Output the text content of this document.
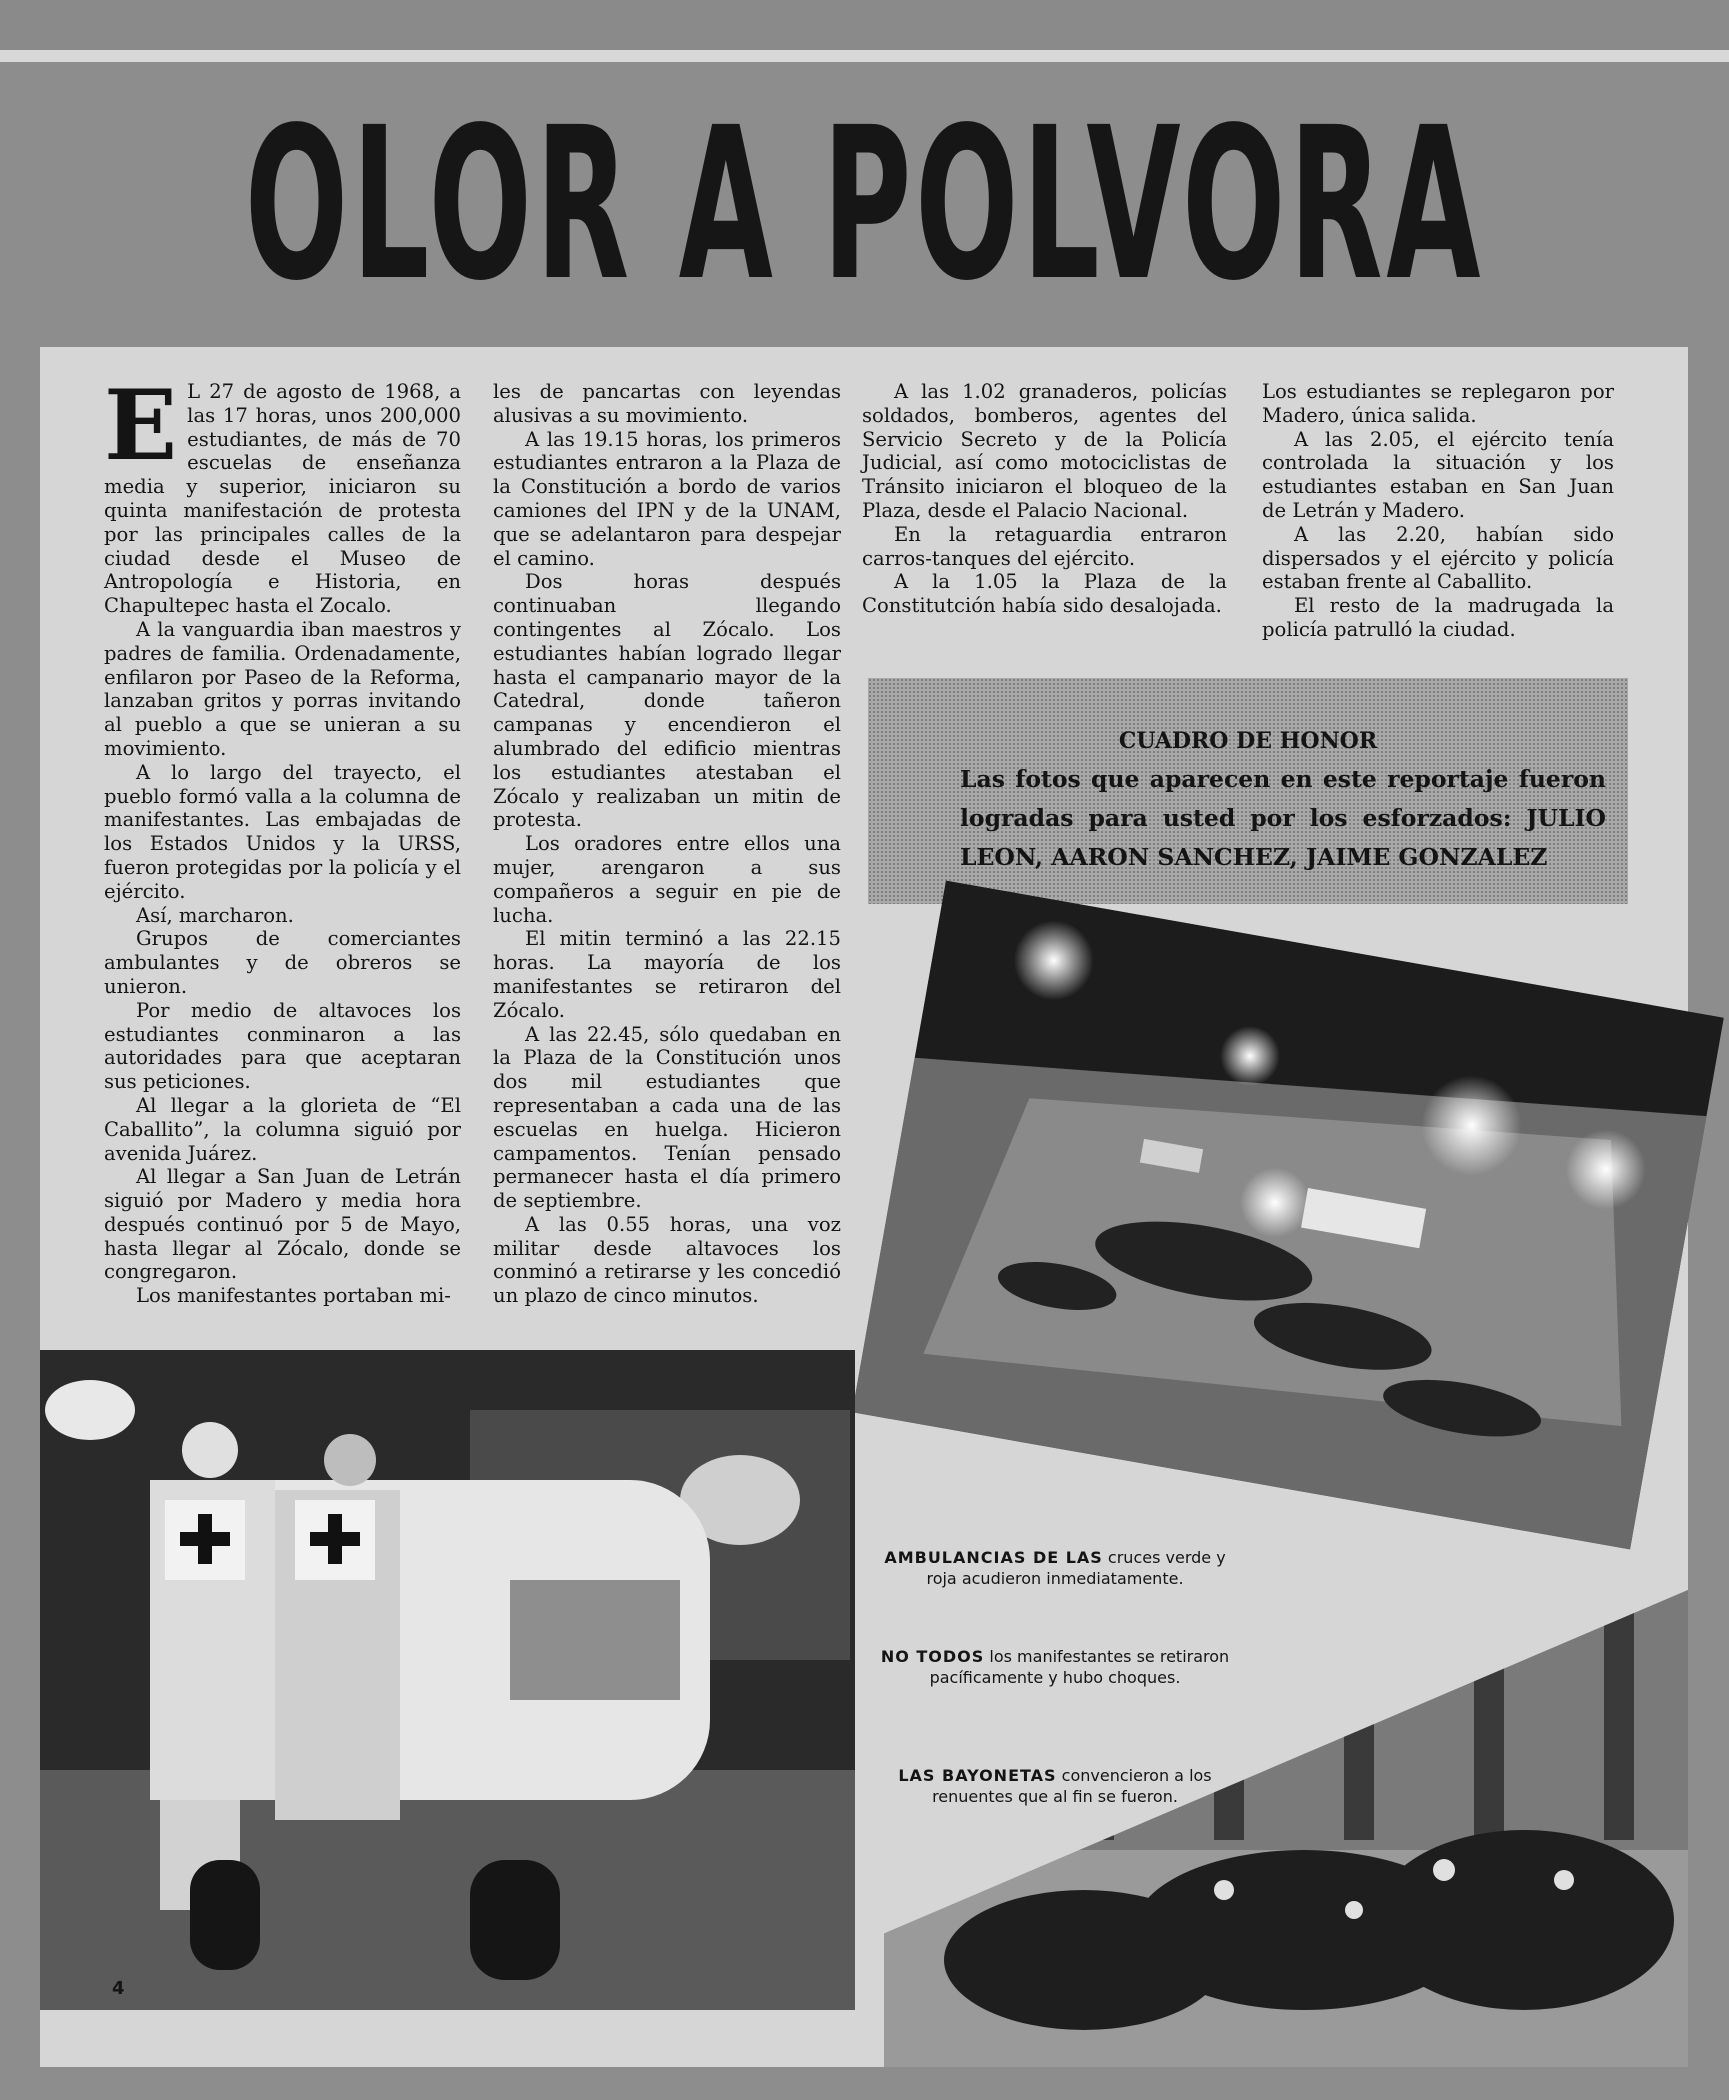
OLOR A POLVORA

E L 27 de agosto de 1968, a las 17 horas, unos 200,000 estudiantes, de más de 70 escuelas de enseñanza media y superior, iniciaron su quinta manifestación de protesta por las principales calles de la ciudad desde el Museo de Antropología e Historia, en Chapultepec hasta el Zocalo.

A la vanguardia iban maestros y padres de familia. Ordenadamente, enfilaron por Paseo de la Reforma, lanzaban gritos y porras invitando al pueblo a que se unieran a su movimiento.

A lo largo del trayecto, el pueblo formó valla a la columna de manifestantes. Las embajadas de los Estados Unidos y la URSS, fueron protegidas por la policía y el ejército.

Así, marcharon.

Grupos de comerciantes ambulantes y de obreros se unieron.

Por medio de altavoces los estudiantes conminaron a las autoridades para que aceptaran sus peticiones.

Al llegar a la glorieta de “El Caballito”, la columna siguió por avenida Juárez.

Al llegar a San Juan de Letrán siguió por Madero y media hora después continuó por 5 de Mayo, hasta llegar al Zócalo, donde se congregaron.

Los manifestantes portaban mi-

les de pancartas con leyendas alusivas a su movimiento.

A las 19.15 horas, los primeros estudiantes entraron a la Plaza de la Constitución a bordo de varios camiones del IPN y de la UNAM, que se adelantaron para despejar el camino.

Dos horas después continuaban llegando contingentes al Zócalo. Los estudiantes habían logrado llegar hasta el campanario mayor de la Catedral, donde tañeron campanas y encendieron el alumbrado del edificio mientras los estudiantes atestaban el Zócalo y realizaban un mitin de protesta.

Los oradores entre ellos una mujer, arengaron a sus compañeros a seguir en pie de lucha.

El mitin terminó a las 22.15 horas. La mayoría de los manifestantes se retiraron del Zócalo.

A las 22.45, sólo quedaban en la Plaza de la Constitución unos dos mil estudiantes que representaban a cada una de las escuelas en huelga. Hicieron campamentos. Tenían pensado permanecer hasta el día primero de septiembre.

A las 0.55 horas, una voz militar desde altavoces los conminó a retirarse y les concedió un plazo de cinco minutos.

A las 1.02 granaderos, policías soldados, bomberos, agentes del Servicio Secreto y de la Policía Judicial, así como motociclistas de Tránsito iniciaron el bloqueo de la Plaza, desde el Palacio Nacional.

En la retaguardia entraron carros-tanques del ejército.

A la 1.05 la Plaza de la Constitutción había sido desalojada.

Los estudiantes se replegaron por Madero, única salida.

A las 2.05, el ejército tenía controlada la situación y los estudiantes estaban en San Juan de Letrán y Madero.

A las 2.20, habían sido dispersados y el ejército y policía estaban frente al Caballito.

El resto de la madrugada la policía patrulló la ciudad.

CUADRO DE HONOR
Las fotos que aparecen en este reportaje fueron logradas para usted por los esforzados: JULIO LEON, AARON SANCHEZ, JAIME GONZALEZ
AMBULANCIAS DE LAS cruces verde y roja acudieron inmediatamente.
NO TODOS los manifestantes se retiraron pacíficamente y hubo choques.
LAS BAYONETAS convencieron a los renuentes que al fin se fueron.
4
